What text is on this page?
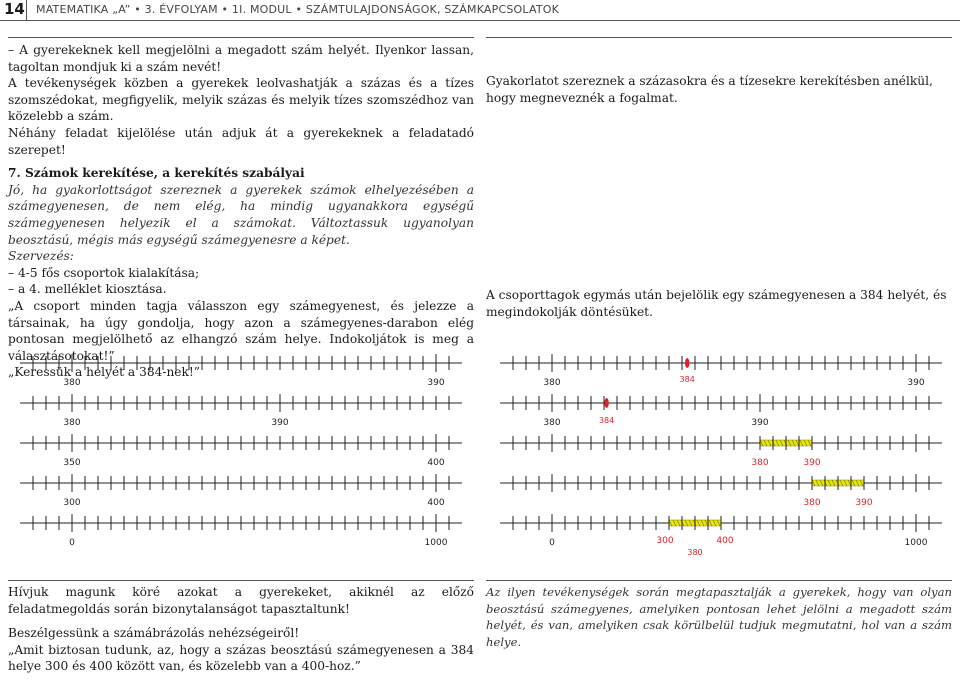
14 MATEMATIKA „A” • 3. ÉVFOLYAM • 1I. MODUL • SZÁMTULAJDONSÁGOK, SZÁMKAPCSOLATOK

– A gyerekeknek kell megjelölni a megadott szám helyét. Ilyenkor lassan, tagoltan mondjuk ki a szám nevét!

A tevékenységek közben a gyerekek leolvashatják a százas és a tízes szomszédokat, megfigyelik, melyik százas és melyik tízes szomszédhoz van közelebb a szám.

Néhány feladat kijelölése után adjuk át a gyerekeknek a feladatadó szerepet!

7. Számok kerekítése, a kerekítés szabályai

Jó, ha gyakorlottságot szereznek a gyerekek számok elhelyezésében a számegyenesen, de nem elég, ha mindig ugyanakkora egységű számegyenesen helyezik el a számokat. Változtassuk ugyanolyan beosztású, mégis más egységű számegyenesre a képet.

Szervezés:

– 4-5 fős csoportok kialakítása;

– a 4. melléklet kiosztása.

„A csoport minden tagja válasszon egy számegyenest, és jelezze a társainak, ha úgy gondolja, hogy azon a számegyenes-darabon elég pontosan megjelölhető az elhangzó szám helye. Indokoljátok is meg a választásotokat!”

„Keressük a helyét a 384-nek!”

Gyakorlatot szereznek a százasokra és a tízesekre kerekítésben anélkül, hogy megneveznék a fogalmat.
A csoporttagok egymás után bejelölik egy számegyenesen a 384 helyét, és megindokolják döntésüket.
380	390
380	390
350	400
300	400
0	1000
380	390
384
380	390
384
380	390
380	390
300	400
0	1000
380

Hívjuk magunk köré azokat a gyerekeket, akiknél az előző feladatmegoldás során bizonytalanságot tapasztaltunk!

Beszélgessünk a számábrázolás nehézségeiről!

„Amit biztosan tudunk, az, hogy a százas beosztású számegyenesen a 384 helye 300 és 400 között van, és közelebb van a 400-hoz.”

Az ilyen tevékenységek során megtapasztalják a gyerekek, hogy van olyan beosztású számegyenes, amelyiken pontosan lehet jelölni a megadott szám helyét, és van, amelyiken csak körülbelül tudjuk megmutatni, hol van a szám helye.
